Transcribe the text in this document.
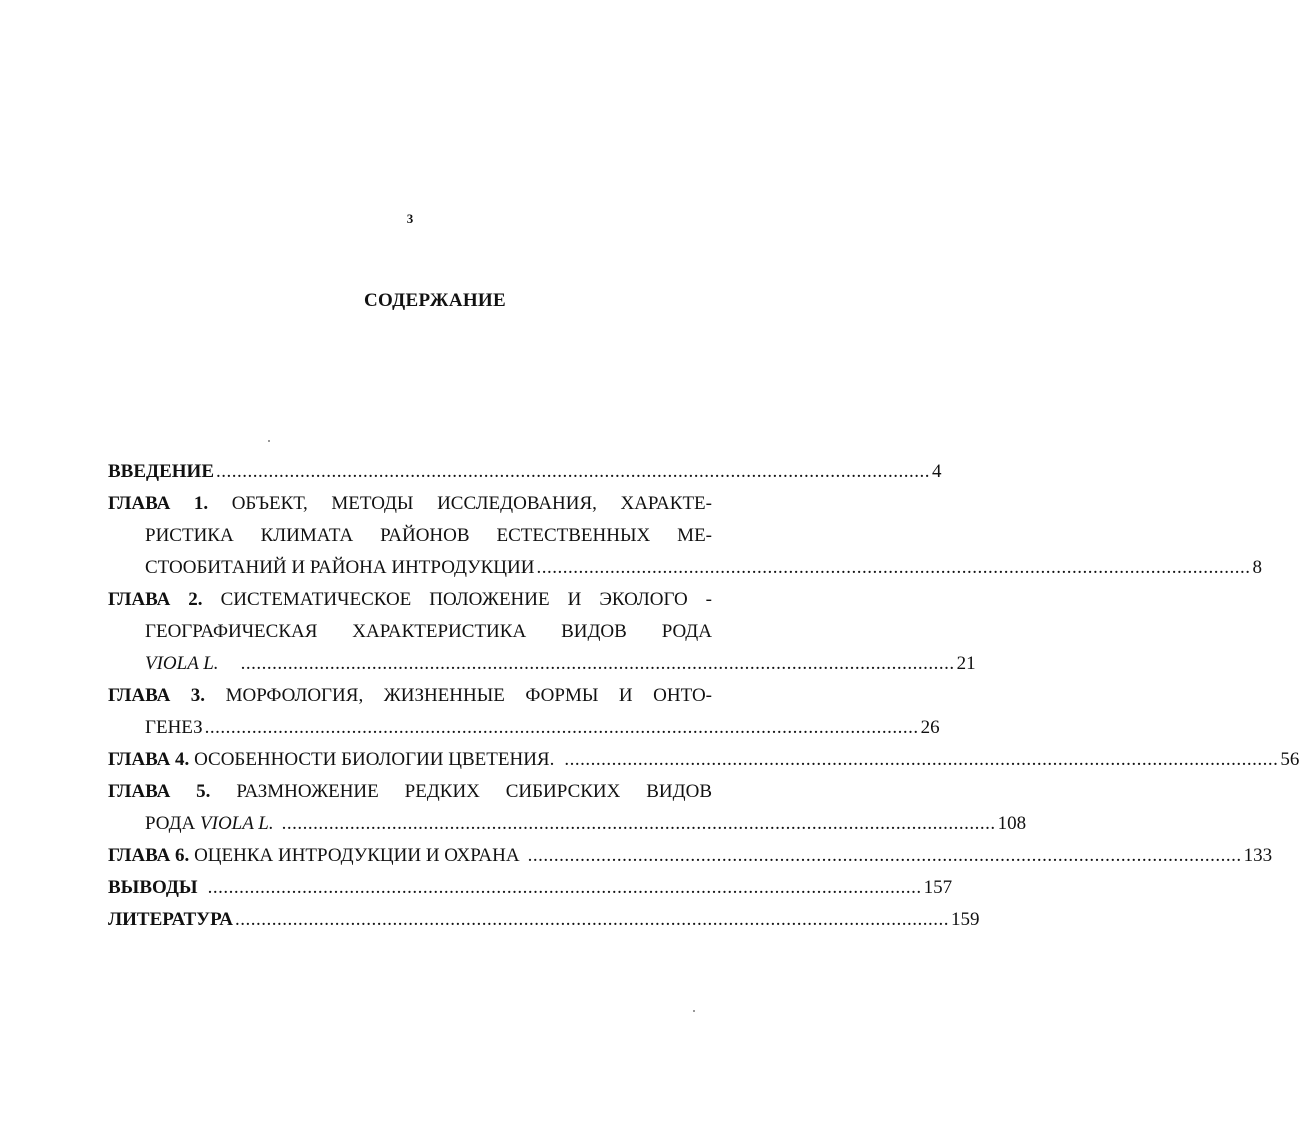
3
СОДЕРЖАНИЕ
ВВЕДЕНИЕ ........................................................................................................................................ 4
ГЛАВА 1. ОБЪЕКТ, МЕТОДЫ ИССЛЕДОВАНИЯ, ХАРАКТЕ-
РИСТИКА КЛИМАТА РАЙОНОВ ЕСТЕСТВЕННЫХ МЕ-
СТООБИТАНИЙ И РАЙОНА ИНТРОДУКЦИИ ........................................................................................................................................ 8
ГЛАВА 2. СИСТЕМАТИЧЕСКОЕ ПОЛОЖЕНИЕ И ЭКОЛОГО -
ГЕОГРАФИЧЕСКАЯ ХАРАКТЕРИСТИКА ВИДОВ РОДА
VIOLA L. ........................................................................................................................................ 21
ГЛАВА 3. МОРФОЛОГИЯ, ЖИЗНЕННЫЕ ФОРМЫ И ОНТО-
ГЕНЕЗ ........................................................................................................................................ 26
ГЛАВА 4. ОСОБЕННОСТИ БИОЛОГИИ ЦВЕТЕНИЯ. ........................................................................................................................................ 56
ГЛАВА 5. РАЗМНОЖЕНИЕ РЕДКИХ СИБИРСКИХ ВИДОВ
РОДА VIOLA L. ........................................................................................................................................ 108
ГЛАВА 6. ОЦЕНКА ИНТРОДУКЦИИ И ОХРАНА ........................................................................................................................................ 133
ВЫВОДЫ ........................................................................................................................................ 157
ЛИТЕРАТУРА ........................................................................................................................................ 159
